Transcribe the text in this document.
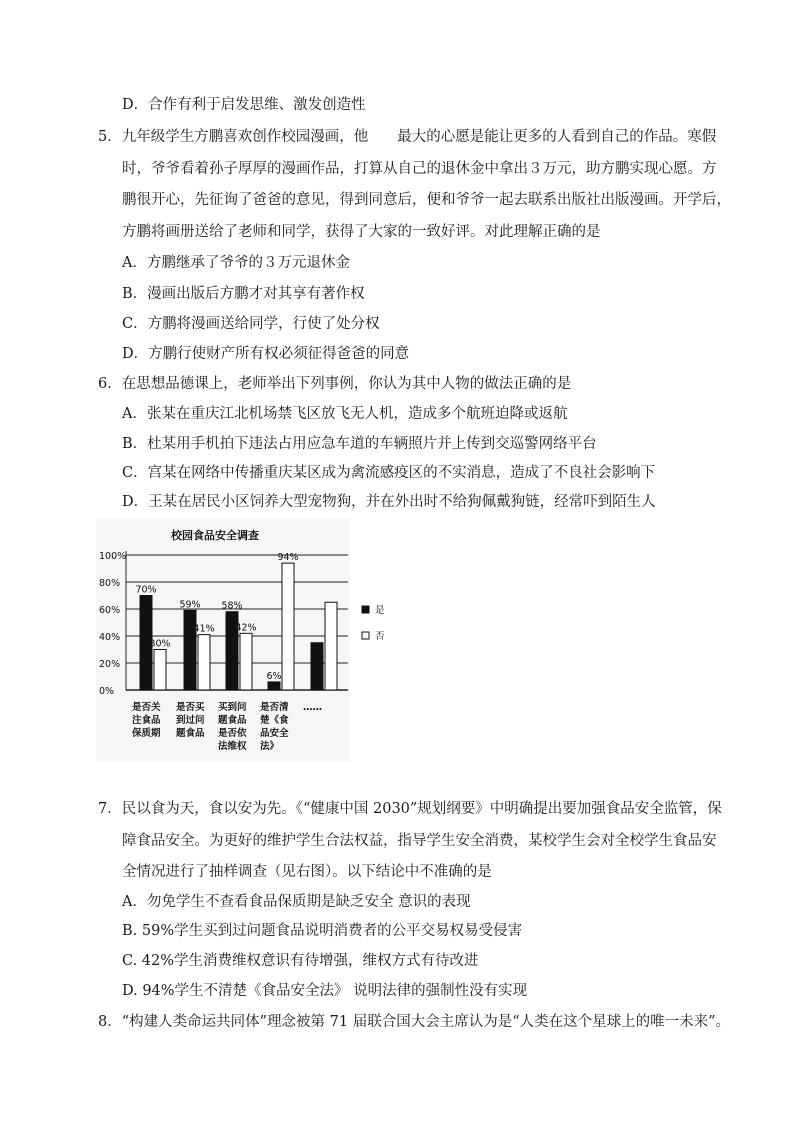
D．合作有利于启发思维、激发创造性
5．九年级学生方鹏喜欢创作校园漫画，他　　最大的心愿是能让更多的人看到自己的作品。寒假
时，爷爷看着孙子厚厚的漫画作品，打算从自己的退休金中拿出３万元，助方鹏实现心愿。方
鹏很开心，先征询了爸爸的意见，得到同意后，便和爷爷一起去联系出版社出版漫画。开学后，
方鹏将画册送给了老师和同学，获得了大家的一致好评。对此理解正确的是
A．方鹏继承了爷爷的３万元退休金
B．漫画出版后方鹏才对其享有著作权
C．方鹏将漫画送给同学，行使了处分权
D．方鹏行使财产所有权必须征得爸爸的同意
6．在思想品德课上，老师举出下列事例，你认为其中人物的做法正确的是
A．张某在重庆江北机场禁飞区放飞无人机，造成多个航班迫降或返航
B．杜某用手机拍下违法占用应急车道的车辆照片并上传到交巡警网络平台
C．宫某在网络中传播重庆某区成为禽流感疫区的不实消息，造成了不良社会影响下
D．王某在居民小区饲养大型宠物狗，并在外出时不给狗佩戴狗链，经常吓到陌生人
校园食品安全调查
0%
20%
40%
60%
80%
100%
70%
59% 58%
6%
30%
41% 42%
94%
是否关
注食品
保质期
是否买
到过问
题食品
买到问
题食品
是否依
法维权
是否清
楚《食
品安全
法》
……
是
否
7．民以食为天，食以安为先。《“健康中国 2030”规划纲要》中明确提出要加强食品安全监管，保
障食品安全。为更好的维护学生合法权益，指导学生安全消费，某校学生会对全校学生食品安
全情况进行了抽样调查（见右图）。以下结论中不准确的是
A．勿免学生不查看食品保质期是缺乏安全 意识的表现
B. 59%学生买到过问题食品说明消费者的公平交易权易受侵害
C. 42%学生消费维权意识有待增强，维权方式有待改进
D. 94%学生不清楚《食品安全法》 说明法律的强制性没有实现
8．“构建人类命运共同体”理念被第 71 届联合国大会主席认为是“人类在这个星球上的唯一未来”。
